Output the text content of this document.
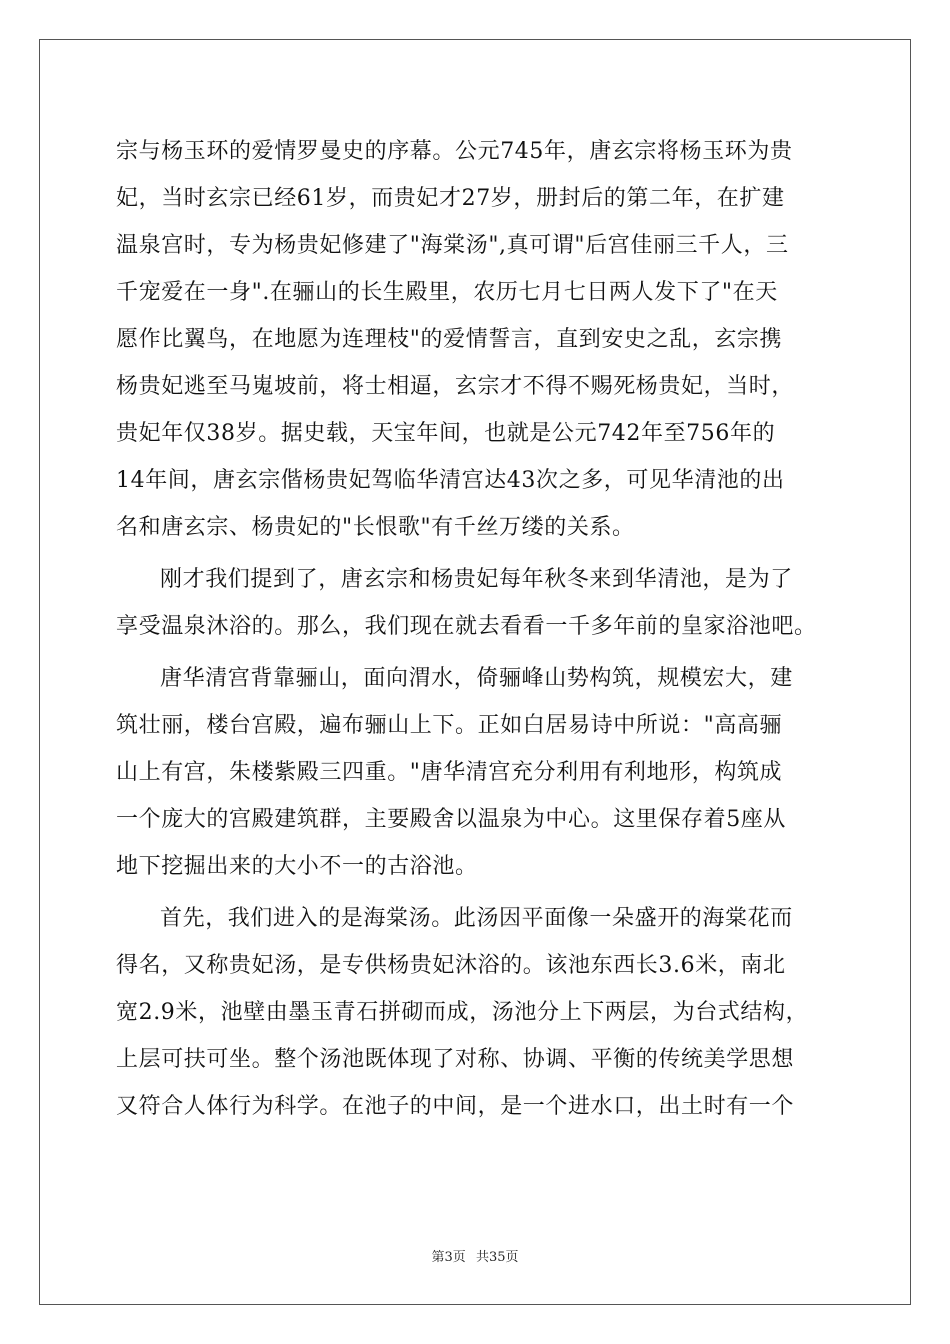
宗与杨玉环的爱情罗曼史的序幕。公元745年，唐玄宗将杨玉环为贵
妃，当时玄宗已经61岁，而贵妃才27岁，册封后的第二年，在扩建
温泉宫时，专为杨贵妃修建了"海棠汤",真可谓"后宫佳丽三千人，三
千宠爱在一身".在骊山的长生殿里，农历七月七日两人发下了"在天
愿作比翼鸟，在地愿为连理枝"的爱情誓言，直到安史之乱，玄宗携
杨贵妃逃至马嵬坡前，将士相逼，玄宗才不得不赐死杨贵妃，当时，
贵妃年仅38岁。据史载，天宝年间，也就是公元742年至756年的
14年间，唐玄宗偕杨贵妃驾临华清宫达43次之多，可见华清池的出
名和唐玄宗、杨贵妃的"长恨歌"有千丝万缕的关系。
刚才我们提到了，唐玄宗和杨贵妃每年秋冬来到华清池，是为了
享受温泉沐浴的。那么，我们现在就去看看一千多年前的皇家浴池吧。
唐华清宫背靠骊山，面向渭水，倚骊峰山势构筑，规模宏大，建
筑壮丽，楼台宫殿，遍布骊山上下。正如白居易诗中所说："高高骊
山上有宫，朱楼紫殿三四重。"唐华清宫充分利用有利地形，构筑成
一个庞大的宫殿建筑群，主要殿舍以温泉为中心。这里保存着5座从
地下挖掘出来的大小不一的古浴池。
首先，我们进入的是海棠汤。此汤因平面像一朵盛开的海棠花而
得名，又称贵妃汤，是专供杨贵妃沐浴的。该池东西长3.6米，南北
宽2.9米，池壁由墨玉青石拼砌而成，汤池分上下两层，为台式结构，
上层可扶可坐。整个汤池既体现了对称、协调、平衡的传统美学思想
又符合人体行为科学。在池子的中间，是一个进水口，出土时有一个
第3页 共35页
